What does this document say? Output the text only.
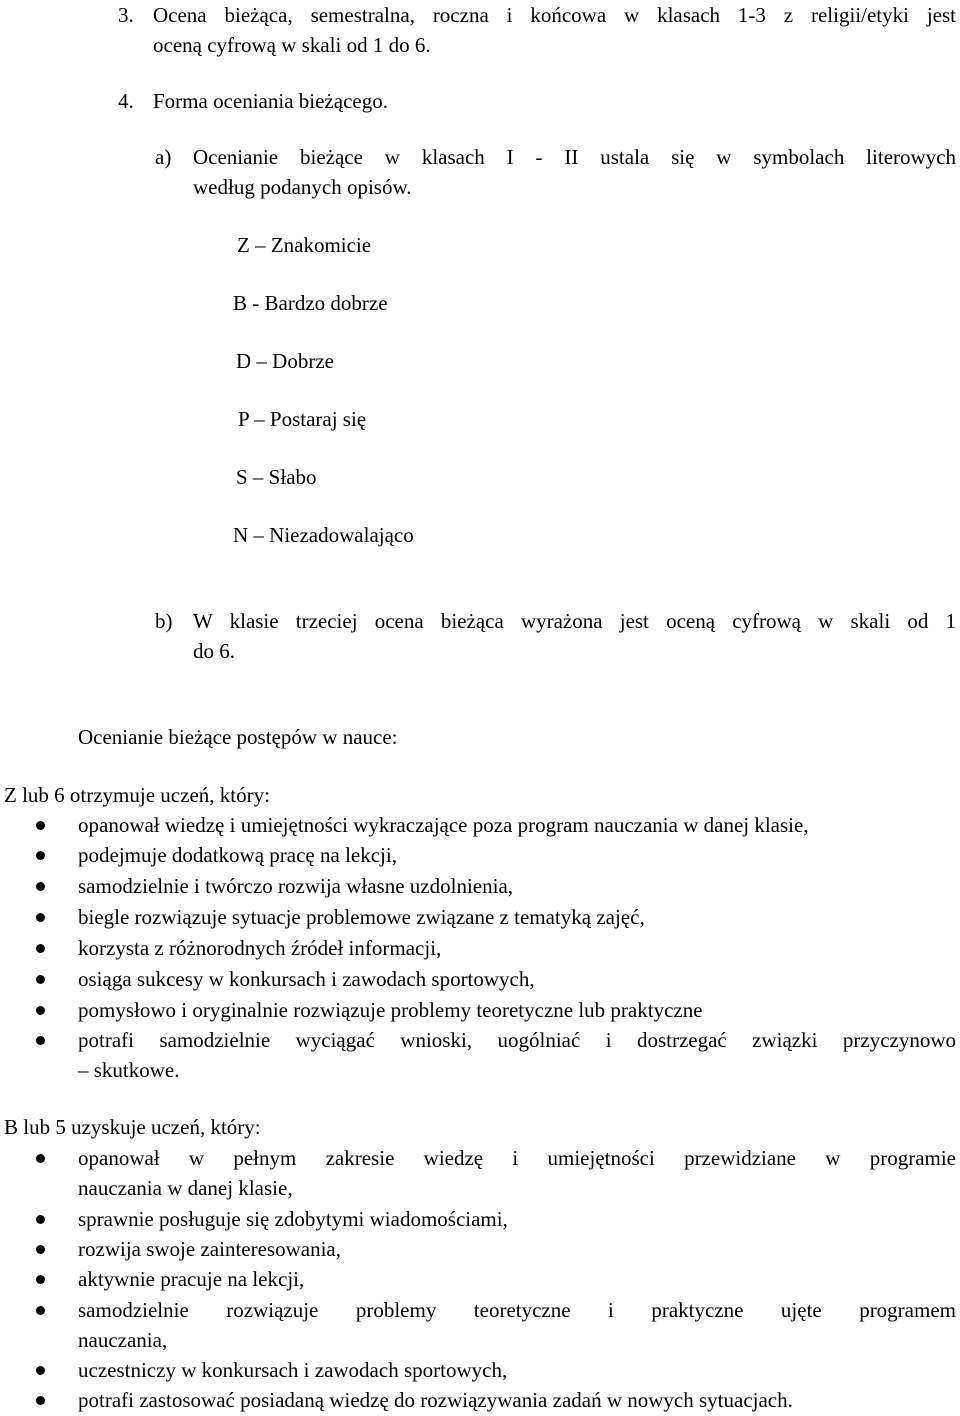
3. Ocena bieżąca, semestralna, roczna i końcowa w klasach 1-3 z religii/etyki jest
oceną cyfrową w skali od 1 do 6.
4. Forma oceniania bieżącego.
a) Ocenianie bieżące w klasach I - II ustala się w symbolach literowych
według podanych opisów.
Z – Znakomicie
B - Bardzo dobrze
D – Dobrze
P – Postaraj się
S – Słabo
N – Niezadowalająco
b) W klasie trzeciej ocena bieżąca wyrażona jest oceną cyfrową w skali od 1
do 6.
Ocenianie bieżące postępów w nauce:
Z lub 6 otrzymuje uczeń, który:
opanował wiedzę i umiejętności wykraczające poza program nauczania w danej klasie,
podejmuje dodatkową pracę na lekcji,
samodzielnie i twórczo rozwija własne uzdolnienia,
biegle rozwiązuje sytuacje problemowe związane z tematyką zajęć,
korzysta z różnorodnych źródeł informacji,
osiąga sukcesy w konkursach i zawodach sportowych,
pomysłowo i oryginalnie rozwiązuje problemy teoretyczne lub praktyczne
potrafi samodzielnie wyciągać wnioski, uogólniać i dostrzegać związki przyczynowo
– skutkowe.
B lub 5 uzyskuje uczeń, który:
opanował w pełnym zakresie wiedzę i umiejętności przewidziane w programie
nauczania w danej klasie,
sprawnie posługuje się zdobytymi wiadomościami,
rozwija swoje zainteresowania,
aktywnie pracuje na lekcji,
samodzielnie rozwiązuje problemy teoretyczne i praktyczne ujęte programem
nauczania,
uczestniczy w konkursach i zawodach sportowych,
potrafi zastosować posiadaną wiedzę do rozwiązywania zadań w nowych sytuacjach.
